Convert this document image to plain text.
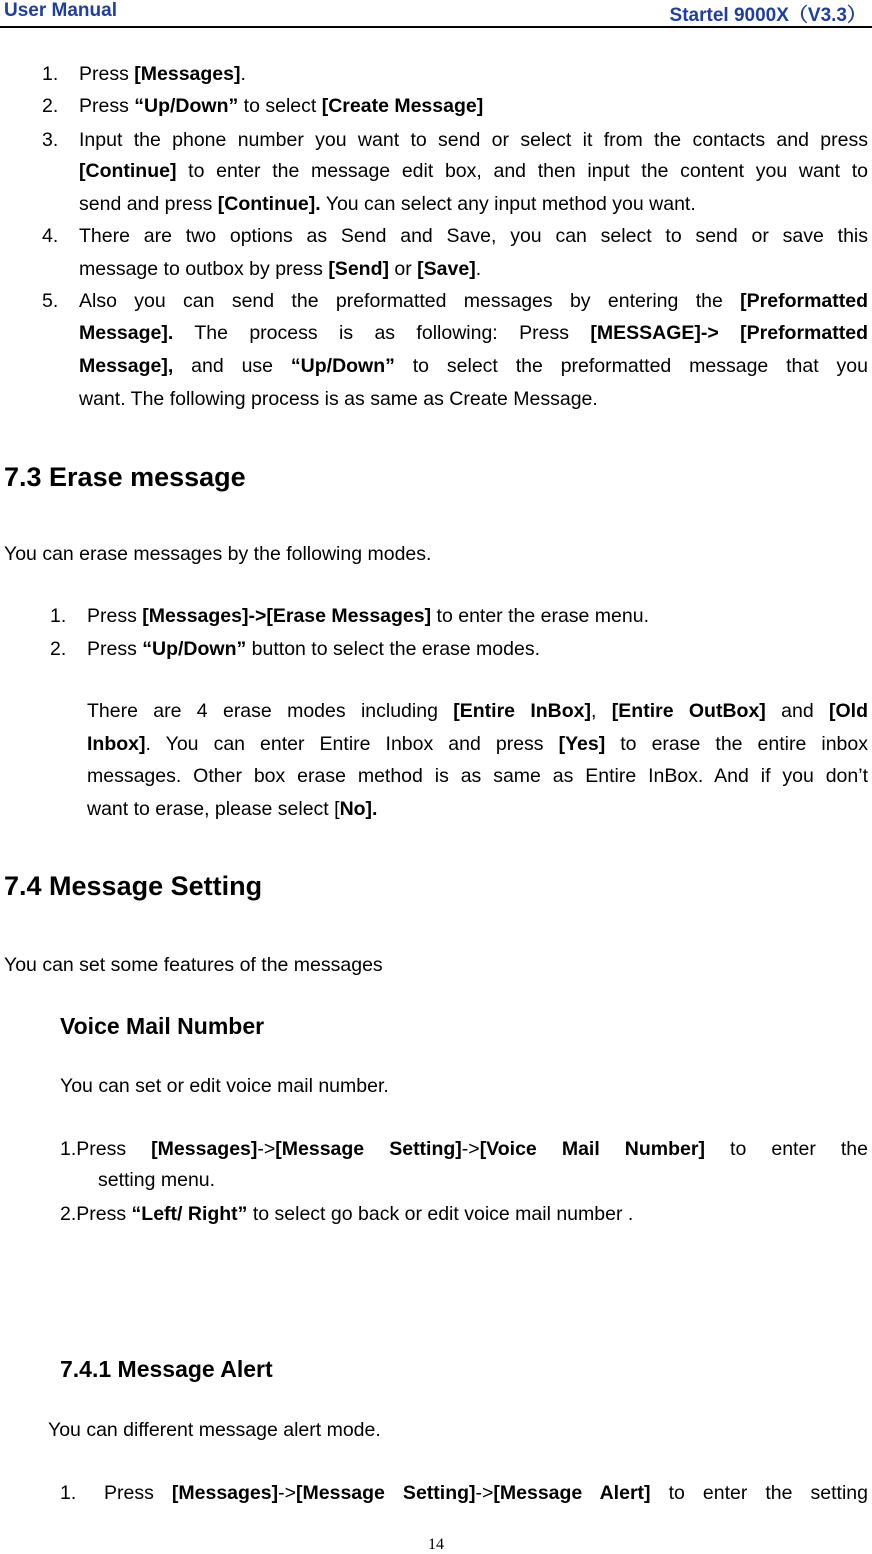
User Manual	Startel 9000X（V3.3）
1. Press [Messages].
2. Press “Up/Down” to select [Create Message]
3. Input the phone number you want to send or select it from the contacts and press
[Continue] to enter the message edit box, and then input the content you want to
send and press [Continue]. You can select any input method you want.
4. There are two options as Send and Save, you can select to send or save this
message to outbox by press [Send] or [Save].
5. Also you can send the preformatted messages by entering the [Preformatted
Message]. The process is as following: Press [MESSAGE]-> [Preformatted
Message], and use “Up/Down” to select the preformatted message that you
want. The following process is as same as Create Message.
7.3 Erase message
You can erase messages by the following modes.
1. Press [Messages]->[Erase Messages] to enter the erase menu.
2. Press “Up/Down” button to select the erase modes.
There are 4 erase modes including [Entire InBox], [Entire OutBox] and [Old
Inbox]. You can enter Entire Inbox and press [Yes] to erase the entire inbox
messages. Other box erase method is as same as Entire InBox. And if you don’t
want to erase, please select [No].
7.4 Message Setting
You can set some features of the messages
Voice Mail Number
You can set or edit voice mail number.
1.Press [Messages]->[Message Setting]->[Voice Mail Number] to enter the
setting menu.
2.Press “Left/ Right” to select go back or edit voice mail number .
7.4.1 Message Alert
You can different message alert mode.
1. Press [Messages]->[Message Setting]->[Message Alert] to enter the setting
14
